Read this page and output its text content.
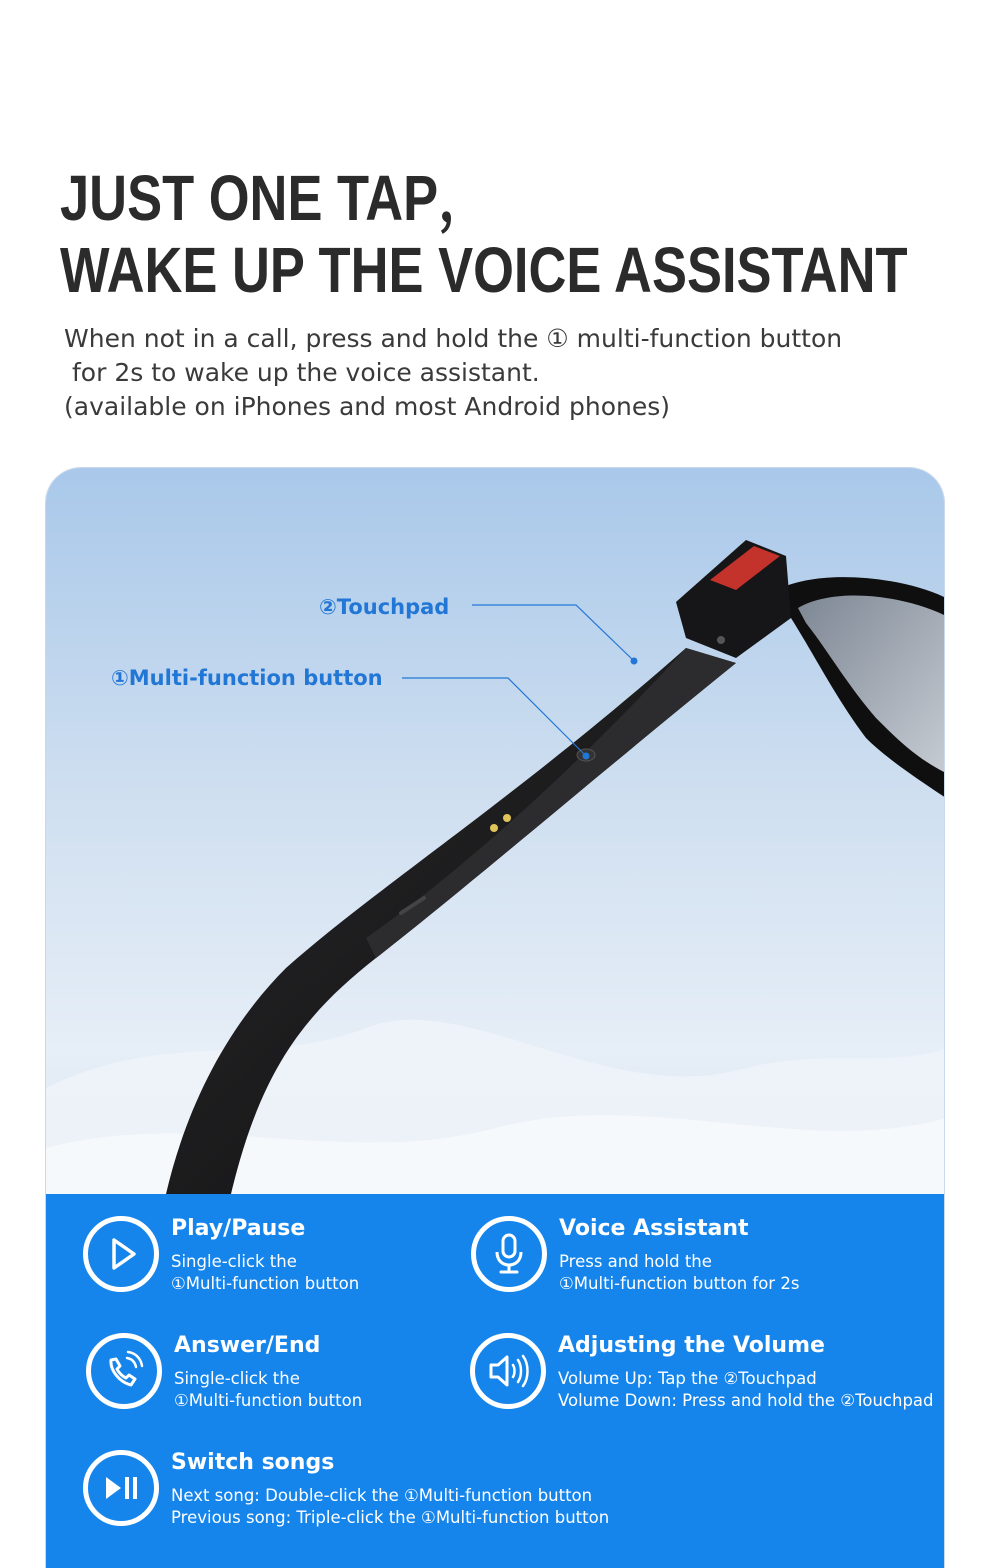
JUST ONE TAP，
WAKE UP THE VOICE ASSISTANT
When not in a call, press and hold the ① multi-function button
for 2s to wake up the voice assistant.
(available on iPhones and most Android phones)
②Touchpad
①Multi-function button
Play/Pause
Single-click the
①Multi-function button
Voice Assistant
Press and hold the
①Multi-function button for 2s
Answer/End
Single-click the
①Multi-function button
Adjusting the Volume
Volume Up: Tap the ②Touchpad
Volume Down: Press and hold the ②Touchpad
Switch songs
Next song: Double-click the ①Multi-function button
Previous song: Triple-click the ①Multi-function button
